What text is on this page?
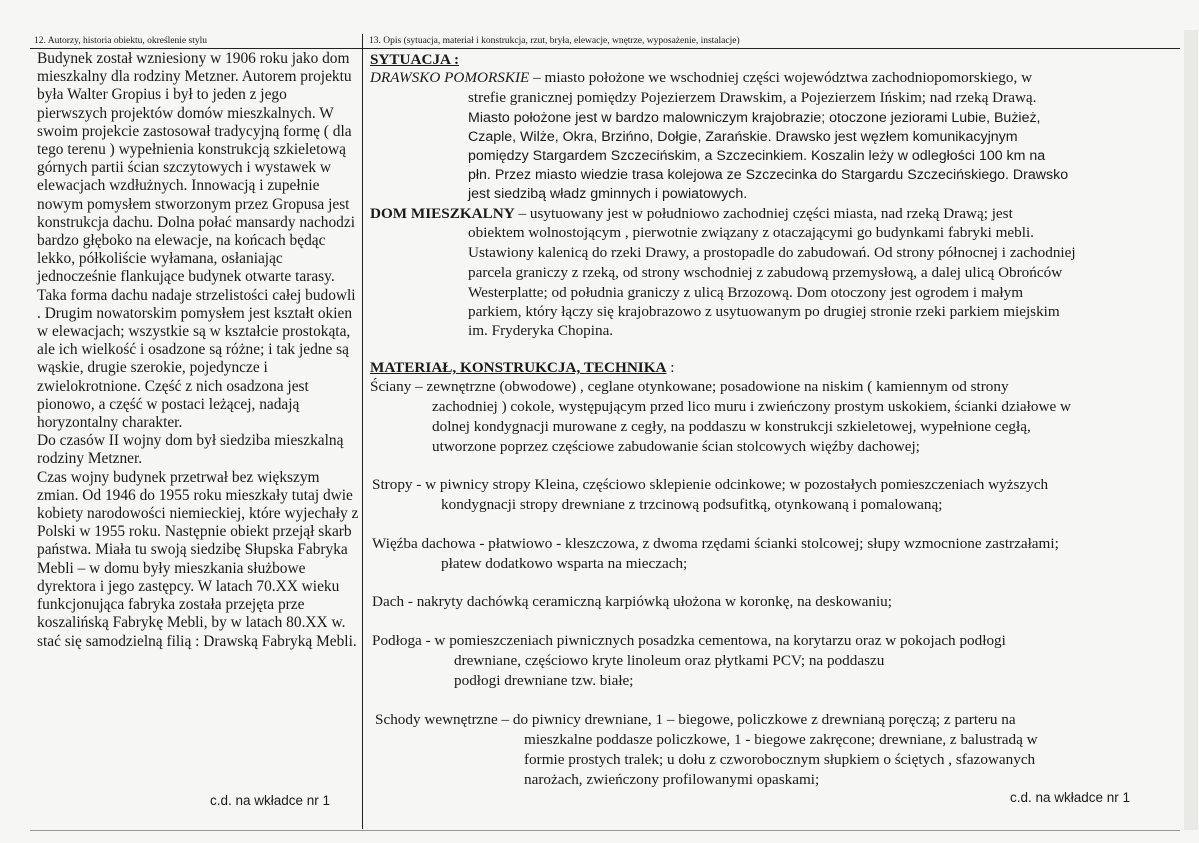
12. Autorzy, historia obiektu, określenie stylu	13. Opis (sytuacja, materiał i konstrukcja, rzut, bryła, elewacje, wnętrze, wyposażenie, instalacje)

Budynek został wzniesiony w 1906 roku jako dom mieszkalny dla rodziny Metzner. Autorem projektu była Walter Gropius i był to jeden z jego pierwszych projektów domów mieszkalnych. W swoim projekcie zastosował tradycyjną formę ( dla tego terenu ) wypełnienia konstrukcją szkieletową górnych partii ścian szczytowych i wystawek w elewacjach wzdłużnych. Innowacją i zupełnie nowym pomysłem stworzonym przez Gropusa jest konstrukcja dachu. Dolna połać mansardy nachodzi bardzo głęboko na elewacje, na końcach będąc lekko, półkoliście wyłamana, osłaniając jednocześnie flankujące budynek otwarte tarasy. Taka forma dachu nadaje strzelistości całej budowli . Drugim nowatorskim pomysłem jest kształt okien w elewacjach; wszystkie są w kształcie prostokąta, ale ich wielkość i osadzone są różne; i tak jedne są wąskie, drugie szerokie, pojedyncze i zwielokrotnione. Część z nich osadzona jest pionowo, a część w postaci leżącej, nadają horyzontalny charakter.

Do czasów II wojny dom był siedziba mieszkalną rodziny Metzner.

Czas wojny budynek przetrwał bez większym zmian. Od 1946 do 1955 roku mieszkały tutaj dwie kobiety narodowości niemieckiej, które wyjechały z Polski w 1955 roku. Następnie obiekt przejął skarb państwa. Miała tu swoją siedzibę Słupska Fabryka Mebli – w domu były mieszkania służbowe dyrektora i jego zastępcy. W latach 70.XX wieku funkcjonująca fabryka została przejęta prze koszalińską Fabrykę Mebli, by w latach 80.XX w. stać się samodzielną filią : Drawską Fabryką Mebli.

c.d. na wkładce nr 1
SYTUACJA :
DRAWSKO POMORSKIE – miasto położone we wschodniej części województwa zachodniopomorskiego, w
strefie granicznej pomiędzy Pojezierzem Drawskim, a Pojezierzem Ińskim; nad rzeką Drawą.
Miasto położone jest w bardzo malowniczym krajobrazie; otoczone jeziorami Lubie, Bużież,
Czaple, Wilże, Okra, Brzińno, Dołgie, Zarańskie. Drawsko jest węzłem komunikacyjnym
pomiędzy Stargardem Szczecińskim, a Szczecinkiem. Koszalin leży w odległości 100 km na
płn. Przez miasto wiedzie trasa kolejowa ze Szczecinka do Stargardu Szczecińskiego. Drawsko
jest siedzibą władz gminnych i powiatowych.
DOM MIESZKALNY – usytuowany jest w południowo zachodniej części miasta, nad rzeką Drawą; jest
obiektem wolnostojącym , pierwotnie związany z otaczającymi go budynkami fabryki mebli.
Ustawiony kalenicą do rzeki Drawy, a prostopadle do zabudowań. Od strony północnej i zachodniej
parcela graniczy z rzeką, od strony wschodniej z zabudową przemysłową, a dalej ulicą Obrońców
Westerplatte; od południa graniczy z ulicą Brzozową. Dom otoczony jest ogrodem i małym
parkiem, który łączy się krajobrazowo z usytuowanym po drugiej stronie rzeki parkiem miejskim
im. Fryderyka Chopina.
MATERIAŁ, KONSTRUKCJA, TECHNIKA :
Ściany – zewnętrzne (obwodowe) , ceglane otynkowane; posadowione na niskim ( kamiennym od strony
zachodniej ) cokole, występującym przed lico muru i zwieńczony prostym uskokiem, ścianki działowe w
dolnej kondygnacji murowane z cegły, na poddaszu w konstrukcji szkieletowej, wypełnione cegłą,
utworzone poprzez częściowe zabudowanie ścian stolcowych więźby dachowej;
Stropy - w piwnicy stropy Kleina, częściowo sklepienie odcinkowe; w pozostałych pomieszczeniach wyższych
kondygnacji stropy drewniane z trzcinową podsufitką, otynkowaną i pomalowaną;
Więźba dachowa - płatwiowo - kleszczowa, z dwoma rzędami ścianki stolcowej; słupy wzmocnione zastrzałami;
płatew dodatkowo wsparta na mieczach;
Dach - nakryty dachówką ceramiczną karpiówką ułożona w koronkę, na deskowaniu;
Podłoga - w pomieszczeniach piwnicznych posadzka cementowa, na korytarzu oraz w pokojach podłogi
drewniane, częściowo kryte linoleum oraz płytkami PCV; na poddaszu
podłogi drewniane tzw. białe;
Schody wewnętrzne – do piwnicy drewniane, 1 – biegowe, policzkowe z drewnianą poręczą; z parteru na
mieszkalne poddasze policzkowe, 1 - biegowe zakręcone; drewniane, z balustradą w
formie prostych tralek; u dołu z czworobocznym słupkiem o ściętych , sfazowanych
narożach, zwieńczony profilowanymi opaskami;
c.d. na wkładce nr 1
